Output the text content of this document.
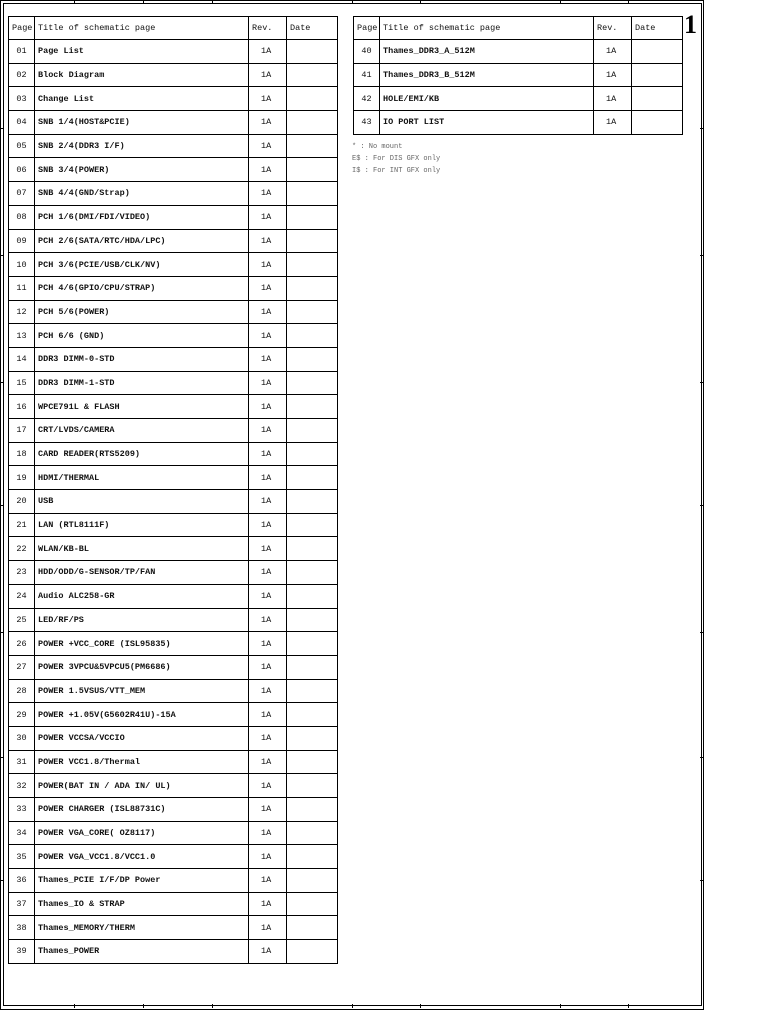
1
Page	Title of schematic page	Rev.	Date
01	Page List	1A	
02	Block Diagram	1A	
03	Change List	1A	
04	SNB 1/4(HOST&PCIE)	1A	
05	SNB 2/4(DDR3 I/F)	1A	
06	SNB 3/4(POWER)	1A	
07	SNB 4/4(GND/Strap)	1A	
08	PCH 1/6(DMI/FDI/VIDEO)	1A	
09	PCH 2/6(SATA/RTC/HDA/LPC)	1A	
10	PCH 3/6(PCIE/USB/CLK/NV)	1A	
11	PCH 4/6(GPIO/CPU/STRAP)	1A	
12	PCH 5/6(POWER)	1A	
13	PCH 6/6 (GND)	1A	
14	DDR3 DIMM-0-STD	1A	
15	DDR3 DIMM-1-STD	1A	
16	WPCE791L & FLASH	1A	
17	CRT/LVDS/CAMERA	1A	
18	CARD READER(RTS5209)	1A	
19	HDMI/THERMAL	1A	
20	USB	1A	
21	LAN (RTL8111F)	1A	
22	WLAN/KB-BL	1A	
23	HDD/ODD/G-SENSOR/TP/FAN	1A	
24	Audio ALC258-GR	1A	
25	LED/RF/PS	1A	
26	POWER +VCC_CORE (ISL95835)	1A	
27	POWER 3VPCU&5VPCU5(PM6686)	1A	
28	POWER 1.5VSUS/VTT_MEM	1A	
29	POWER +1.05V(G5602R41U)-15A	1A	
30	POWER VCCSA/VCCIO	1A	
31	POWER VCC1.8/Thermal	1A	
32	POWER(BAT IN / ADA IN/ UL)	1A	
33	POWER CHARGER (ISL88731C)	1A	
34	POWER VGA_CORE( OZ8117)	1A	
35	POWER VGA_VCC1.8/VCC1.0	1A	
36	Thames_PCIE I/F/DP Power	1A	
37	Thames_IO & STRAP	1A	
38	Thames_MEMORY/THERM	1A	
39	Thames_POWER	1A	
Page	Title of schematic page	Rev.	Date
40	Thames_DDR3_A_512M	1A	
41	Thames_DDR3_B_512M	1A	
42	HOLE/EMI/KB	1A	
43	IO PORT LIST	1A	
* : No mount
E$ : For DIS GFX only
I$ : For INT GFX only
